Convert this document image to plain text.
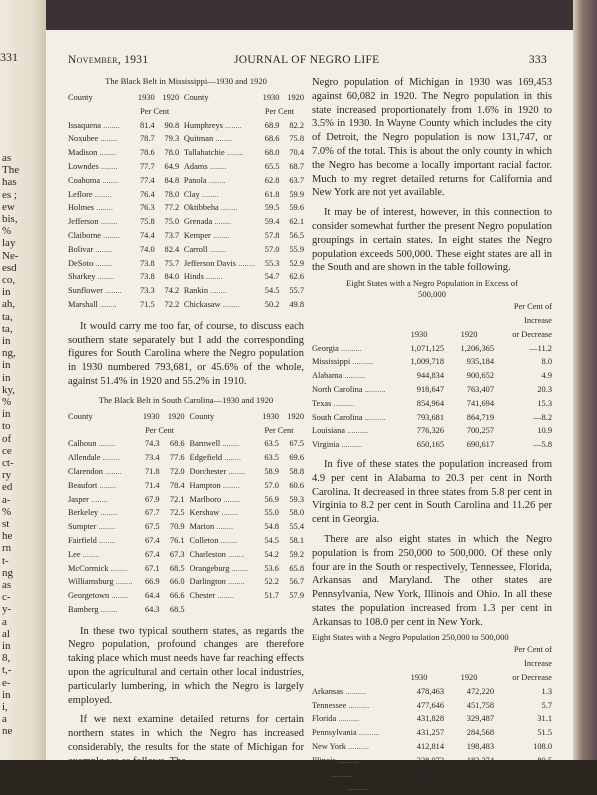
331
as
The
has
es ;
ew
bis,
%
lay
Ne-
esd
co,
in
ah,
ta,
ta,
in
ng,
in
in
ky,
%
in
to
of
ce
ct-
ry
ed
a-
%
st
he
rn
t-
ng
as
c-
y-
a
al
in
8,
t,-
e-
in
i,
a
ne
November, 1931	JOURNAL OF NEGRO LIFE	333
The Black Belt in Mississippi—1930 and 1920
County	1930	1920		County	1930	1920
	Per Cent				Per Cent	
Issaquena ........	81.4	90.8		Humphreys ........	68.9	82.2
Noxubee ........	78.7	79.3		Quitman ........	68.6	75.8
Madison ........	78.6	78.0		Tallahatchie ........	68.0	70.4
Lowndes ........	77.7	64.9		Adams ........	65.5	68.7
Coahoma ........	77.4	84.8		Panola ........	62.8	63.7
Leflore ........	76.4	78.0		Clay ........	61.8	59.9
Holmes ........	76.3	77.2		Oktibbeha ........	59.5	59.6
Jefferson ........	75.8	75.0		Grenada ........	59.4	62.1
Claiborne ........	74.4	73.7		Kemper ........	57.8	56.5
Bolivar ........	74.0	82.4		Carroll ........	57.0	55.9
DeSoto ........	73.8	75.7		Jefferson Davis ........	55.3	52.9
Sharkey ........	73.8	84.0		Hinds ........	54.7	62.6
Sunflower ........	73.3	74.2		Rankin ........	54.5	55.7
Marshall ........	71.5	72.2		Chickasaw ........	50.2	49.8

It would carry me too far, of course, to discuss each southern state separately but I add the corresponding figures for South Carolina where the Negro population in 1930 numbered 793,681, or 45.6% of the whole, against 51.4% in 1920 and 55.2% in 1910.

The Black Belt in South Carolina—1930 and 1920
County	1930	1920		County	1930	1920
	Per Cent				Per Cent	
Calhoun ........	74.3	68.6		Barnwell ........	63.5	67.5
Allendale ........	73.4	77.6		Edgefield ........	63.5	69.6
Clarendon ........	71.8	72.0		Dorchester ........	58.9	58.8
Beaufort ........	71.4	78.4		Hampton ........	57.0	60.6
Jasper ........	67.9	72.1		Marlboro ........	56.9	59.3
Berkeley ........	67.7	72.5		Kershaw ........	55.0	58.0
Sumpter ........	67.5	70.9		Marion ........	54.8	55.4
Fairfield ........	67.4	76.1		Colleton ........	54.5	58.1
Lee ........	67.4	67.3		Charleston ........	54.2	59.2
McCormick ........	67.1	68.5		Orangeburg ........	53.6	65.8
Williamsburg ........	66.9	66.0		Darlington ........	52.2	56.7
Georgetown ........	64.4	66.6		Chester ........	51.7	57.9
Bamberg ........	64.3	68.5				

In these two typical southern states, as regards the Negro population, profound changes are therefore taking place which must needs have far reaching effects upon the agricultural and certain other local industries, particularly lumbering, in which the Negro is largely employed.

If we next examine detailed returns for certain northern states in which the Negro has increased considerably, the results for the state of Michigan for example are as follows. The

Negro population of Michigan in 1930 was 169,453 against 60,082 in 1920. The Negro population in this state increased proportionately from 1.6% in 1920 to 3.5% in 1930. In Wayne County which includes the city of Detroit, the Negro population is now 131,747, or 7.0% of the total. This is about the only county in which the Negro has become a locally important racial factor. Much to my regret detailed returns for California and New York are not yet available.

It may be of interest, however, in this connection to consider somewhat further the present Negro population groupings in certain states. In eight states the Negro population exceeds 500,000. These eight states are all in the South and are shown in the table following.

Eight States with a Negro Population in Excess of 500,000
			Per Cent of
			Increase
	1930	1920	or Decrease
Georgia ..........	1,071,125	1,206,365	—11.2
Mississippi ..........	1,009,718	935,184	8.0
Alabama ..........	944,834	900,652	4.9
North Carolina ..........	918,647	763,407	20.3
Texas ..........	854,964	741,694	15.3
South Carolina ..........	793,681	864,719	—8.2
Louisiana ..........	776,326	700,257	10.9
Virginia ..........	650,165	690,617	—5.8

In five of these states the population increased from 4.9 per cent in Alabama to 20.3 per cent in North Carolina. It decreased in three states from 5.8 per cent in Virginia to 8.2 per cent in South Carolina and 11.26 per cent in Georgia.

There are also eight states in which the Negro population is from 250,000 to 500,000. Of these only four are in the South or respectively, Tennessee, Florida, Arkansas and Maryland. The other states are Pennsylvania, New York, Illinois and Ohio. In all these states the population increased from 1.3 per cent in Arkansas to 108.0 per cent in New York.

Eight States with a Negro Population 250,000 to 500,000
			Per Cent of
			Increase
	1930	1920	or Decrease
Arkansas ..........	478,463	472,220	1.3
Tennessee ..........	477,646	451,758	5.7
Florida ..........	431,828	329,487	31.1
Pennsylvania ..........	431,257	284,568	51.5
New York ..........	412,814	198,483	108.0
Illinois ..........	328,972	182,274	80.5
Ohio ..........	309,304	186,187	66.1
Maryland ..........	276,379	244,479	13.0
